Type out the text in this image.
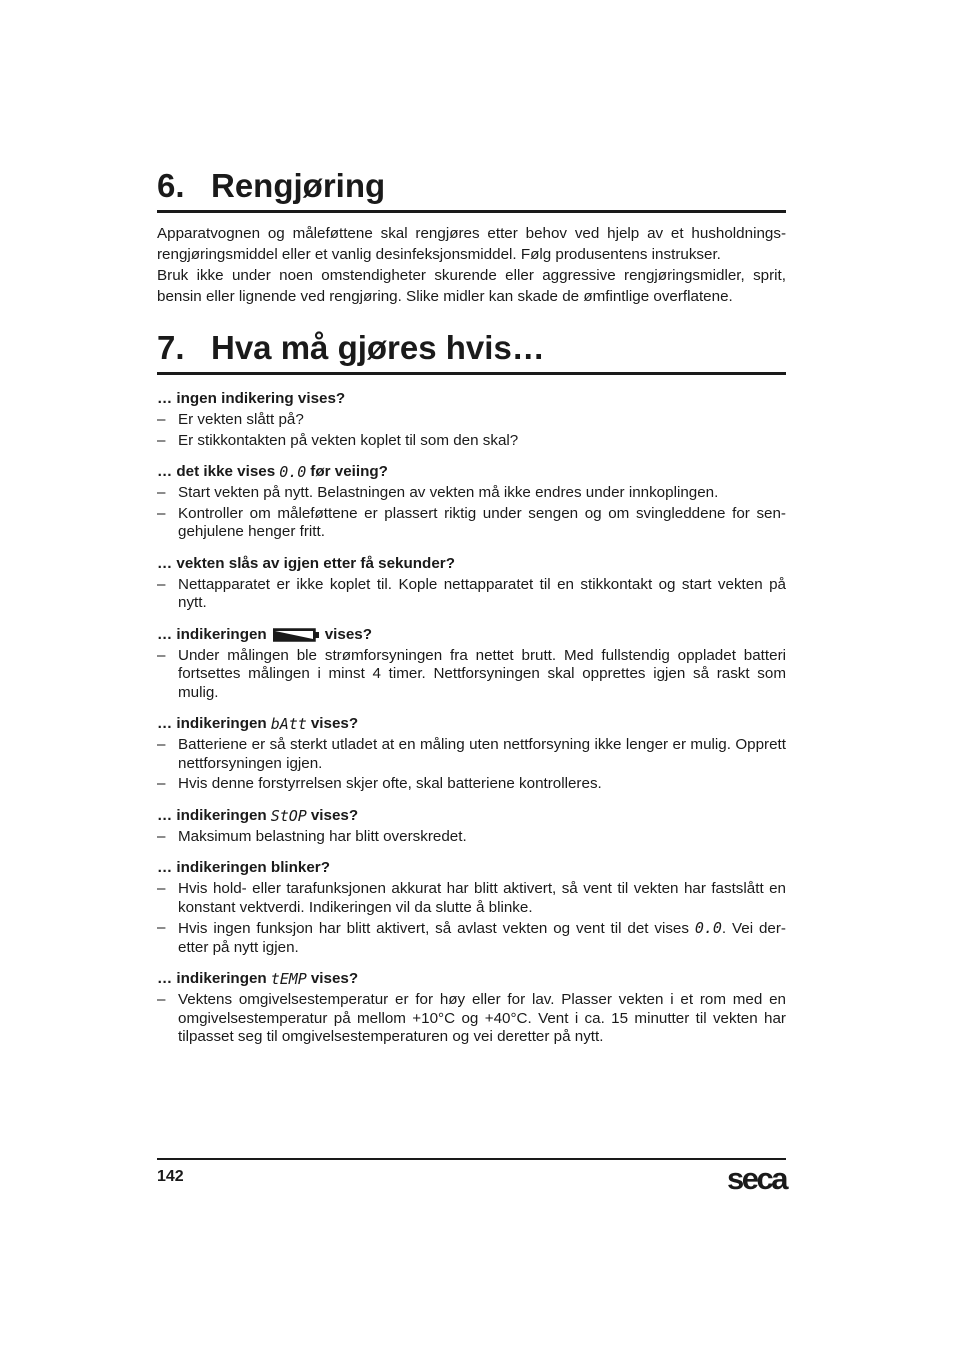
6. Rengjøring

Apparatvognen og måleføttene skal rengjøres etter behov ved hjelp av et husholdnings-rengjøringsmiddel eller et vanlig desinfeksjonsmiddel. Følg produsentens instrukser.

Bruk ikke under noen omstendigheter skurende eller aggressive rengjøringsmidler, sprit, bensin eller lignende ved rengjøring. Slike midler kan skade de ømfintlige overflatene.

7. Hva må gjøres hvis…
… ingen indikering vises?
– Er vekten slått på?
– Er stikkontakten på vekten koplet til som den skal?
… det ikke vises 0.0 før veiing?
– Start vekten på nytt. Belastningen av vekten må ikke endres under innkoplingen.
– Kontroller om måleføttene er plassert riktig under sengen og om svingleddene for sen-gehjulene henger fritt.
… vekten slås av igjen etter få sekunder?
– Nettapparatet er ikke koplet til. Kople nettapparatet til en stikkontakt og start vekten på nytt.
… indikeringen	vises?
– Under målingen ble strømforsyningen fra nettet brutt. Med fullstendig oppladet batteri fortsettes målingen i minst 4 timer. Nettforsyningen skal opprettes igjen så raskt som mulig.
… indikeringen bAtt vises?
– Batteriene er så sterkt utladet at en måling uten nettforsyning ikke lenger er mulig. Opprett nettforsyningen igjen.
– Hvis denne forstyrrelsen skjer ofte, skal batteriene kontrolleres.
… indikeringen StOP vises?
– Maksimum belastning har blitt overskredet.
… indikeringen blinker?
– Hvis hold- eller tarafunksjonen akkurat har blitt aktivert, så vent til vekten har fastslått en konstant vektverdi. Indikeringen vil da slutte å blinke.
– Hvis ingen funksjon har blitt aktivert, så avlast vekten og vent til det vises 0.0. Vei der-etter på nytt igjen.
… indikeringen tEMP vises?
– Vektens omgivelsestemperatur er for høy eller for lav. Plasser vekten i et rom med en omgivelsestemperatur på mellom +10°C og +40°C. Vent i ca. 15 minutter til vekten har tilpasset seg til omgivelsestemperaturen og vei deretter på nytt.
142	seca
